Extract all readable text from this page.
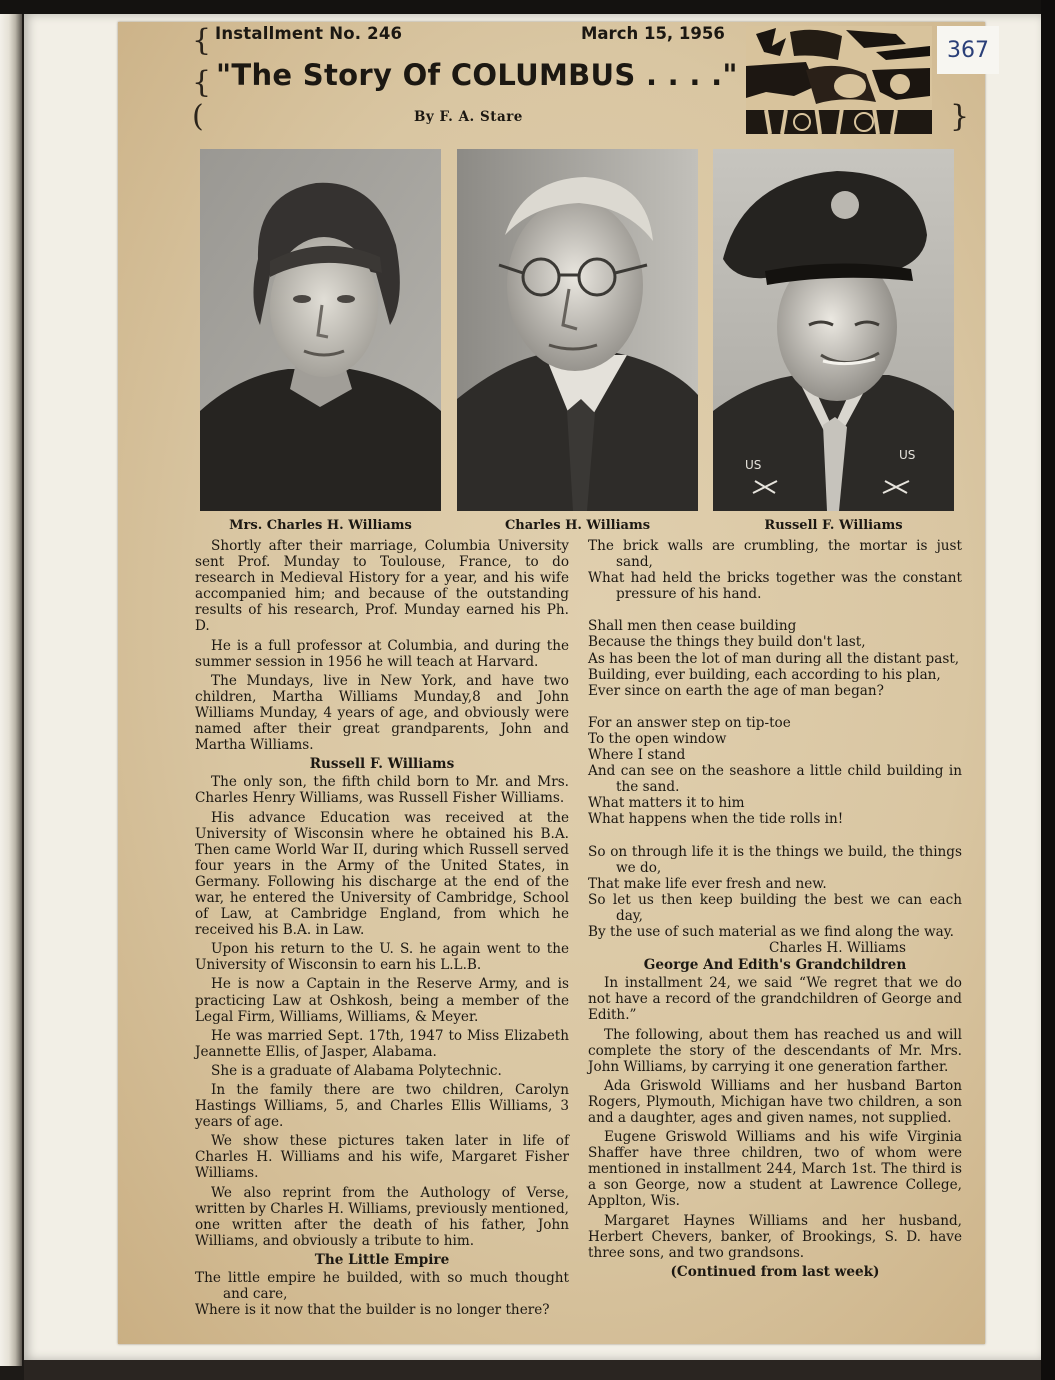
{
{
(	}
Installment No. 246	March 15, 1956
"The Story Of COLUMBUS . . . ."
By F. A. Stare
US
US
Mrs. Charles H. Williams	Charles H. Williams	Russell F. Williams

Shortly after their marriage, Columbia University sent Prof. Munday to Toulouse, France, to do research in Medieval History for a year, and his wife accompanied him; and because of the outstanding results of his research, Prof. Munday earned his Ph. D.

He is a full professor at Columbia, and during the summer session in 1956 he will teach at Harvard.

The Mundays, live in New York, and have two children, Martha Williams Munday,8 and John Williams Munday, 4 years of age, and obviously were named after their great grandparents, John and Martha Williams.

Russell F. Williams

The only son, the fifth child born to Mr. and Mrs. Charles Henry Williams, was Russell Fisher Williams.

His advance Education was received at the University of Wisconsin where he obtained his B.A. Then came World War II, during which Russell served four years in the Army of the United States, in Germany. Following his discharge at the end of the war, he entered the University of Cambridge, School of Law, at Cambridge England, from which he received his B.A. in Law.

Upon his return to the U. S. he again went to the University of Wisconsin to earn his L.L.B.

He is now a Captain in the Reserve Army, and is practicing Law at Oshkosh, being a member of the Legal Firm, Williams, Williams, & Meyer.

He was married Sept. 17th, 1947 to Miss Elizabeth Jeannette Ellis, of Jasper, Alabama.

She is a graduate of Alabama Polytechnic.

In the family there are two children, Carolyn Hastings Williams, 5, and Charles Ellis Williams, 3 years of age.

We show these pictures taken later in life of Charles H. Williams and his wife, Margaret Fisher Williams.

We also reprint from the Authology of Verse, written by Charles H. Williams, previously mentioned, one written after the death of his father, John Williams, and obviously a tribute to him.

The Little Empire
The little empire he builded, with so much thought and care,
Where is it now that the builder is no longer there?
The brick walls are crumbling, the mortar is just sand,
What had held the bricks together was the constant pressure of his hand.
Shall men then cease building
Because the things they build don't last,
As has been the lot of man during all the distant past,
Building, ever building, each according to his plan,
Ever since on earth the age of man began?
For an answer step on tip-toe
To the open window
Where I stand
And can see on the seashore a little child building in the sand.
What matters it to him
What happens when the tide rolls in!
So on through life it is the things we build, the things we do,
That make life ever fresh and new.
So let us then keep building the best we can each day,
By the use of such material as we find along the way.
Charles H. Williams
George And Edith's Grandchildren

In installment 24, we said “We regret that we do not have a record of the grandchildren of George and Edith.”

The following, about them has reached us and will complete the story of the descendants of Mr. Mrs. John Williams, by carrying it one generation farther.

Ada Griswold Williams and her husband Barton Rogers, Plymouth, Michigan have two children, a son and a daughter, ages and given names, not supplied.

Eugene Griswold Williams and his wife Virginia Shaffer have three children, two of whom were mentioned in installment 244, March 1st. The third is a son George, now a student at Lawrence College, Applton, Wis.

Margaret Haynes Williams and her husband, Herbert Chevers, banker, of Brookings, S. D. have three sons, and two grandsons.

(Continued from last week)
367
